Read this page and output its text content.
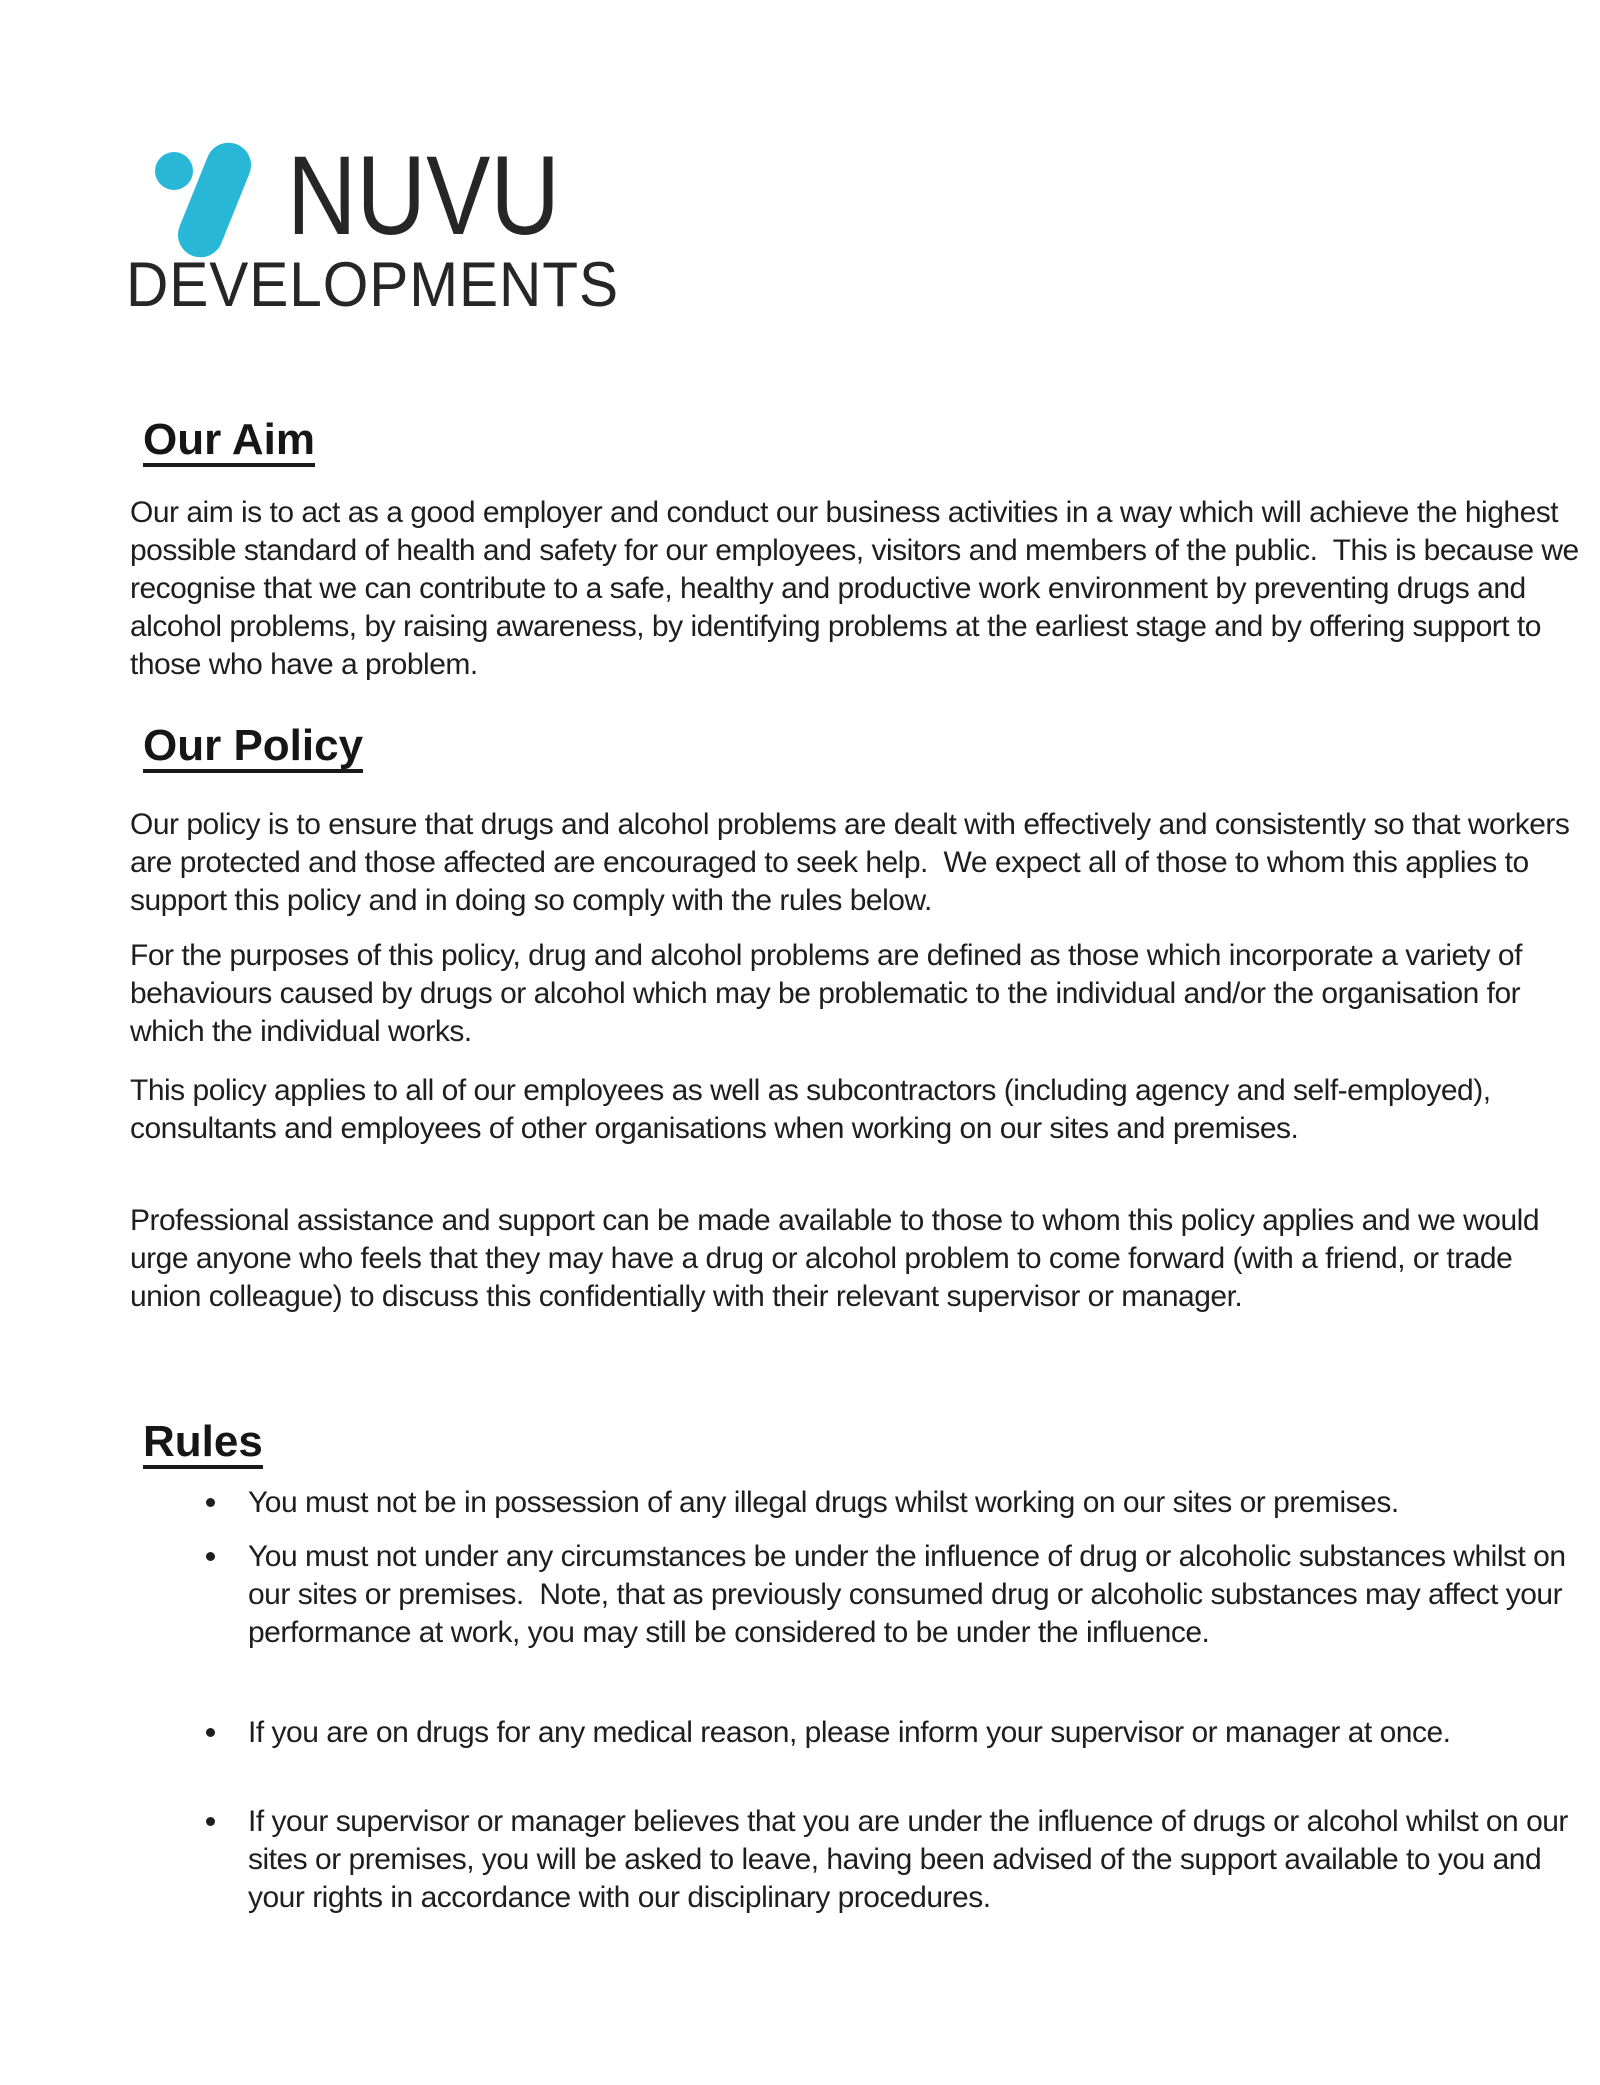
NUVU
DEVELOPMENTS
Our Aim

Our aim is to act as a good employer and conduct our business activities in a way which will achieve the highest possible standard of health and safety for our employees, visitors and members of the public.  This is because we recognise that we can contribute to a safe, healthy and productive work environment by preventing drugs and alcohol problems, by raising awareness, by identifying problems at the earliest stage and by offering support to those who have a problem.

Our Policy

Our policy is to ensure that drugs and alcohol problems are dealt with effectively and consistently so that workers are protected and those affected are encouraged to seek help.  We expect all of those to whom this applies to support this policy and in doing so comply with the rules below.

For the purposes of this policy, drug and alcohol problems are defined as those which incorporate a variety of behaviours caused by drugs or alcohol which may be problematic to the individual and/or the organisation for which the individual works.

This policy applies to all of our employees as well as subcontractors (including agency and self-employed), consultants and employees of other organisations when working on our sites and premises.

Professional assistance and support can be made available to those to whom this policy applies and we would urge anyone who feels that they may have a drug or alcohol problem to come forward (with a friend, or trade union colleague) to discuss this confidentially with their relevant supervisor or manager.

Rules

You must not be in possession of any illegal drugs whilst working on our sites or premises.

You must not under any circumstances be under the influence of drug or alcoholic substances whilst on our sites or premises.  Note, that as previously consumed drug or alcoholic substances may affect your performance at work, you may still be considered to be under the influence.

If you are on drugs for any medical reason, please inform your supervisor or manager at once.

If your supervisor or manager believes that you are under the influence of drugs or alcohol whilst on our sites or premises, you will be asked to leave, having been advised of the support available to you and your rights in accordance with our disciplinary procedures.
